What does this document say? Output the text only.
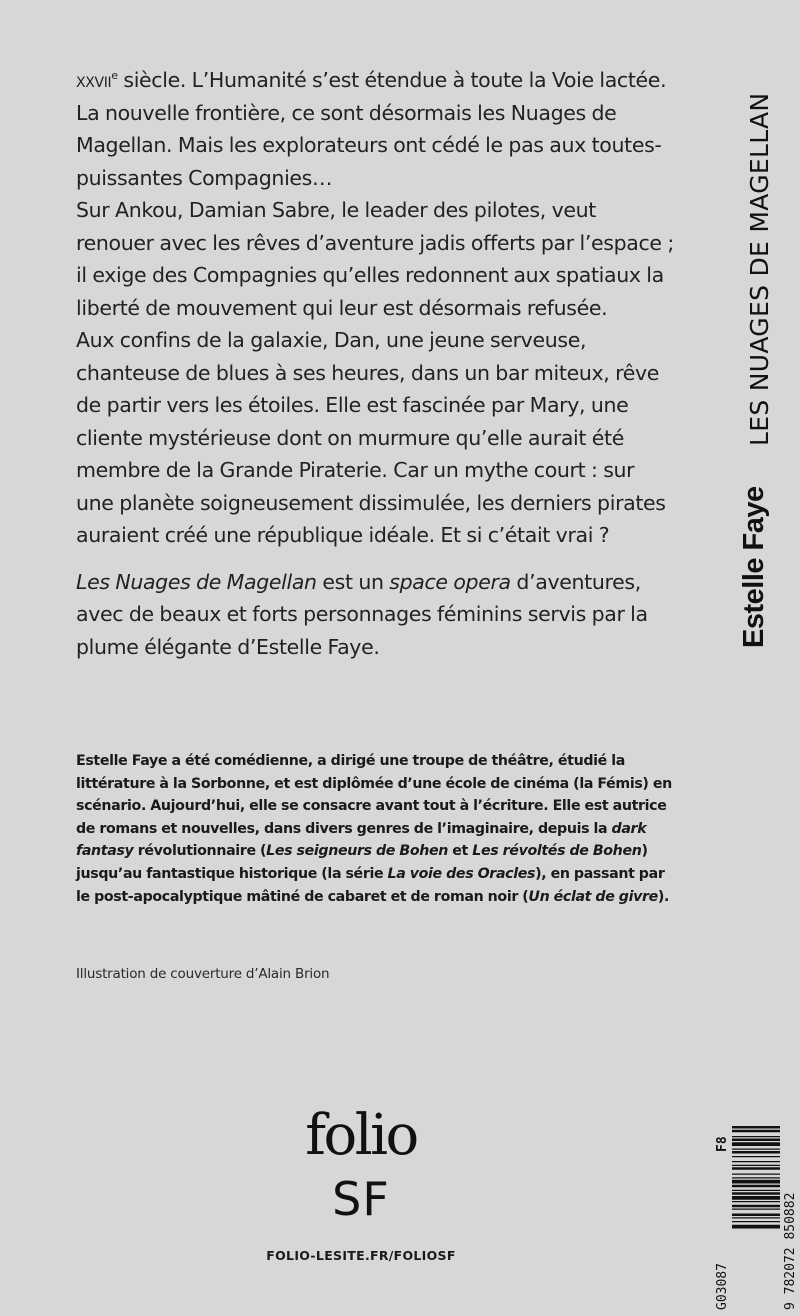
xxvii$^e$ siècle. L’Humanité s’est étendue à toute la Voie lactée. La nouvelle frontière, ce sont désormais les Nuages de Magellan. Mais les explorateurs ont cédé le pas aux toutes-puissantes Compagnies…

Sur Ankou, Damian Sabre, le leader des pilotes, veut renouer avec les rêves d’aventure jadis offerts par l’espace ; il exige des Compagnies qu’elles redonnent aux spatiaux la liberté de mouvement qui leur est désormais refusée.

Aux confins de la galaxie, Dan, une jeune serveuse, chanteuse de blues à ses heures, dans un bar miteux, rêve de partir vers les étoiles. Elle est fascinée par Mary, une cliente mystérieuse dont on murmure qu’elle aurait été membre de la Grande Piraterie. Car un mythe court : sur une planète soigneusement dissimulée, les derniers pirates auraient créé une république idéale. Et si c’était vrai ?

Les Nuages de Magellan est un space opera d’aventures, avec de beaux et forts personnages féminins servis par la plume élégante d’Estelle Faye.

Estelle Faye a été comédienne, a dirigé une troupe de théâtre, étudié la littérature à la Sorbonne, et est diplômée d’une école de cinéma (la Fémis) en scénario. Aujourd’hui, elle se consacre avant tout à l’écriture. Elle est autrice de romans et nouvelles, dans divers genres de l’imaginaire, depuis la dark fantasy révolutionnaire (Les seigneurs de Bohen et Les révoltés de Bohen) jusqu’au fantastique historique (la série La voie des Oracles), en passant par le post-apocalyptique mâtiné de cabaret et de roman noir (Un éclat de givre).

Illustration de couverture d’Alain Brion
folio
SF
FOLIO-LESITE.FR/FOLIOSF
LES NUAGES DE MAGELLAN
Estelle Faye
G03087
F8
9 782072 850882
